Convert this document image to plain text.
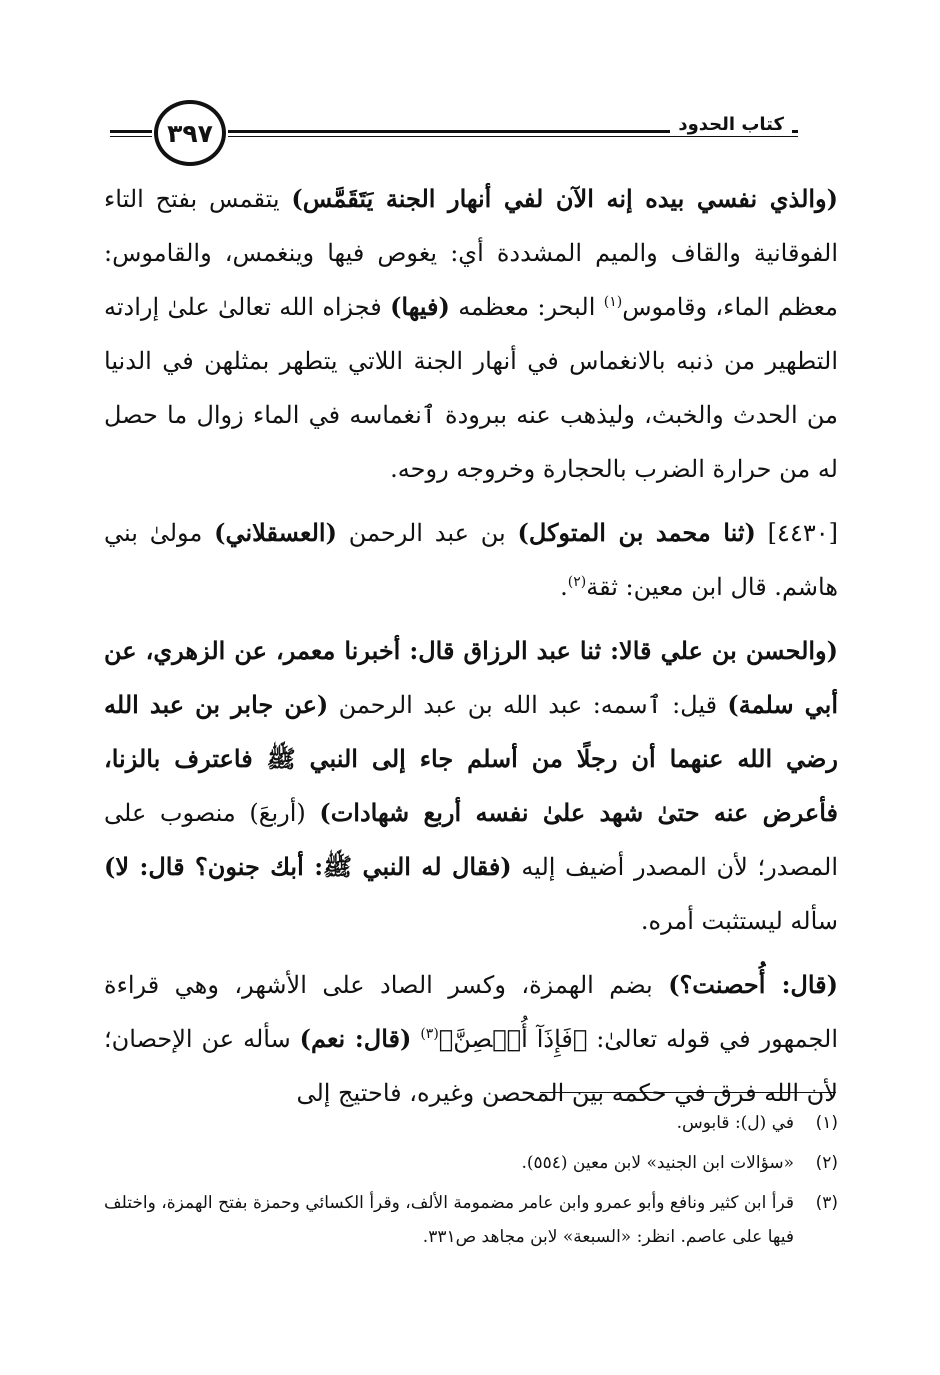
٣٩٧	كتاب الحدود

(والذي نفسي بيده إنه الآن لفي أنهار الجنة يَتَقَمَّس) يتقمس بفتح التاء الفوقانية والقاف والميم المشددة أي: يغوص فيها وينغمس، والقاموس: معظم الماء، وقاموس$^{(١)}$ البحر: معظمه (فيها) فجزاه الله تعالىٰ علىٰ إرادته التطهير من ذنبه بالانغماس في أنهار الجنة اللاتي يتطهر بمثلهن في الدنيا من الحدث والخبث، وليذهب عنه ببرودة ٱنغماسه في الماء زوال ما حصل له من حرارة الضرب بالحجارة وخروجه روحه.

[٤٤٣٠] (ثنا محمد بن المتوكل) بن عبد الرحمن (العسقلاني) مولىٰ بني هاشم. قال ابن معين: ثقة$^{(٢)}$.

(والحسن بن علي قالا: ثنا عبد الرزاق قال: أخبرنا معمر، عن الزهري، عن أبي سلمة) قيل: ٱسمه: عبد الله بن عبد الرحمن (عن جابر بن عبد الله رضي الله عنهما أن رجلًا من أسلم جاء إلى النبي ﷺ فاعترف بالزنا، فأعرض عنه حتىٰ شهد علىٰ نفسه أربع شهادات) (أربعَ) منصوب على المصدر؛ لأن المصدر أضيف إليه (فقال له النبي ﷺ: أبك جنون؟ قال: لا) سأله ليستثبت أمره.

(قال: أُحصنت؟) بضم الهمزة، وكسر الصاد على الأشهر، وهي قراءة الجمهور في قوله تعالىٰ: ﴿فَإِذَآ أُحۡصِنَّ﴾$^{(٣)}$ (قال: نعم) سأله عن الإحصان؛ لأن الله فرق في حكمه بين المحصن وغيره، فاحتيج إلى

(١)
في (ل): قابوس.
(٢)
«سؤالات ابن الجنيد» لابن معين (٥٥٤).
(٣)
قرأ ابن كثير ونافع وأبو عمرو وابن عامر مضمومة الألف، وقرأ الكسائي وحمزة بفتح الهمزة، واختلف فيها على عاصم. انظر: «السبعة» لابن مجاهد ص٣٣١.
